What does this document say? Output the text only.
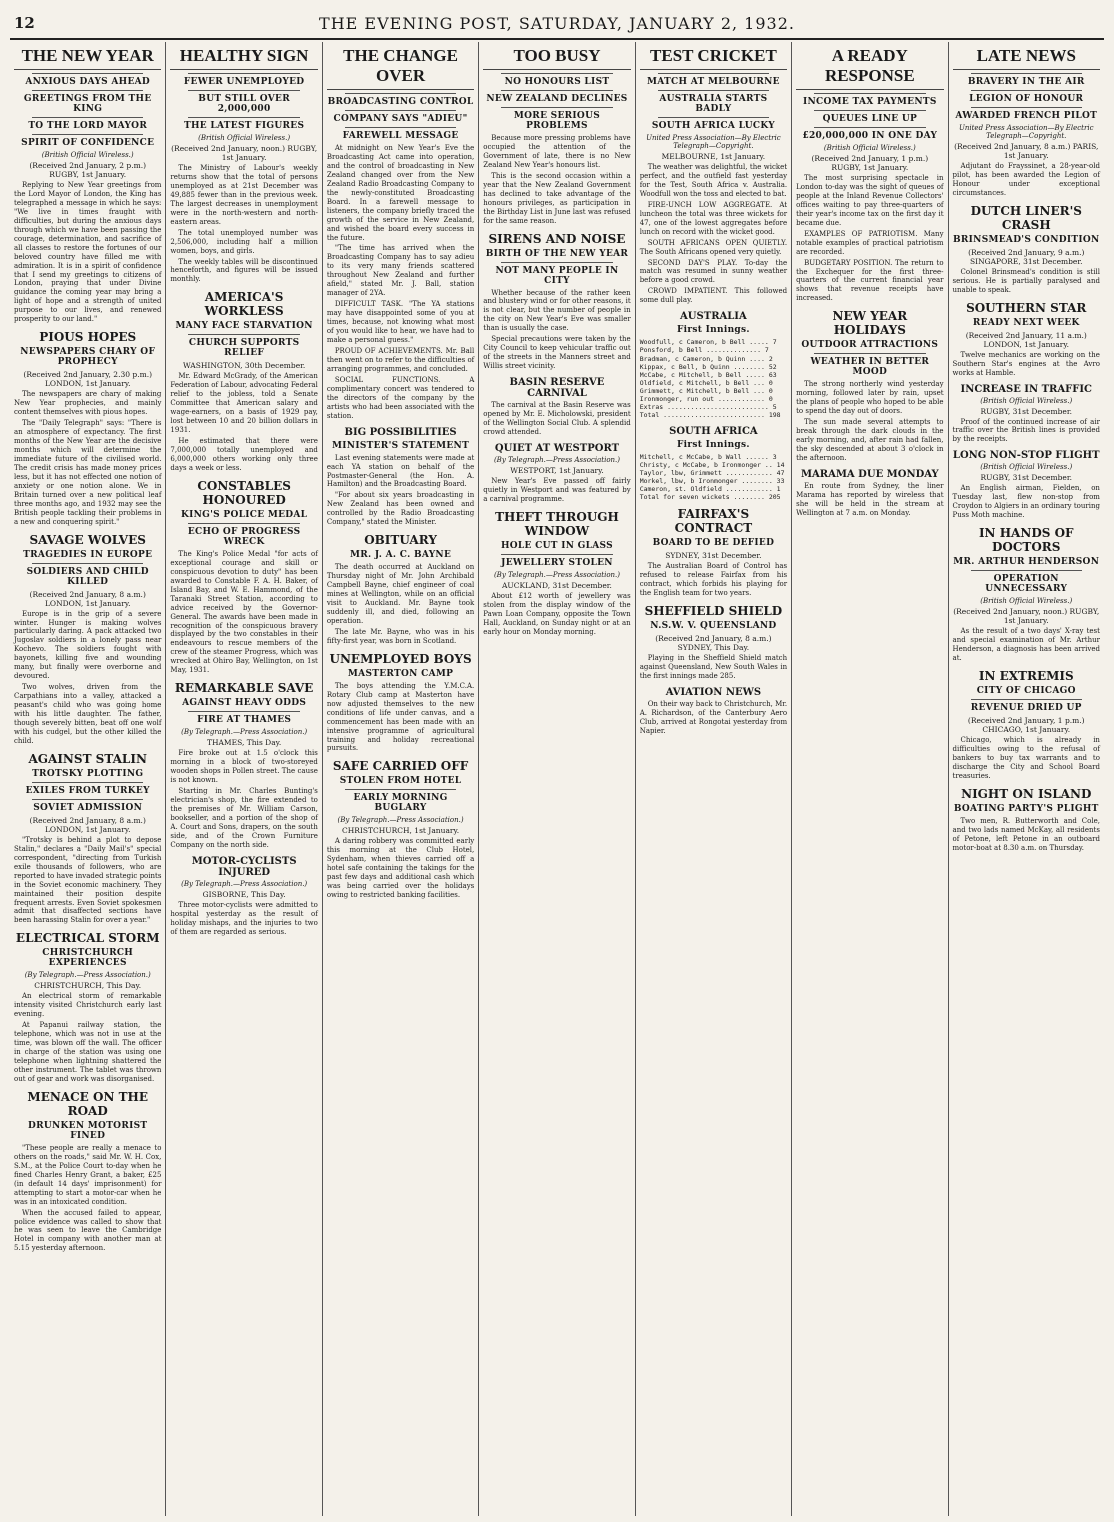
12	THE EVENING POST, SATURDAY, JANUARY 2, 1932.
THE NEW YEAR
ANXIOUS DAYS AHEAD
GREETINGS FROM THE KING
TO THE LORD MAYOR
SPIRIT OF CONFIDENCE
(British Official Wireless.)
(Received 2nd January, 2 p.m.) RUGBY, 1st January.

Replying to New Year greetings from the Lord Mayor of London, the King has telegraphed a message in which he says: "We live in times fraught with difficulties, but during the anxious days through which we have been passing the courage, determination, and sacrifice of all classes to restore the fortunes of our beloved country have filled me with admiration. It is in a spirit of confidence that I send my greetings to citizens of London, praying that under Divine guidance the coming year may bring a light of hope and a strength of united purpose to our lives, and renewed prosperity to our land."

PIOUS HOPES
NEWSPAPERS CHARY OF PROPHECY
(Received 2nd January, 2.30 p.m.) LONDON, 1st January.

The newspapers are chary of making New Year prophecies, and mainly content themselves with pious hopes.

The "Daily Telegraph" says: "There is an atmosphere of expectancy. The first months of the New Year are the decisive months which will determine the immediate future of the civilised world. The credit crisis has made money prices less, but it has not effected one notion of anxiety or one notion alone. We in Britain turned over a new political leaf three months ago, and 1932 may see the British people tackling their problems in a new and conquering spirit."

SAVAGE WOLVES
TRAGEDIES IN EUROPE
SOLDIERS AND CHILD KILLED
(Received 2nd January, 8 a.m.) LONDON, 1st January.

Europe is in the grip of a severe winter. Hunger is making wolves particularly daring. A pack attacked two Jugoslav soldiers in a lonely pass near Kochevo. The soldiers fought with bayonets, killing five and wounding many, but finally were overborne and devoured.

Two wolves, driven from the Carpathians into a valley, attacked a peasant's child who was going home with his little daughter. The father, though severely bitten, beat off one wolf with his cudgel, but the other killed the child.

AGAINST STALIN
TROTSKY PLOTTING
EXILES FROM TURKEY
SOVIET ADMISSION
(Received 2nd January, 8 a.m.) LONDON, 1st January.

"Trotsky is behind a plot to depose Stalin," declares a "Daily Mail's" special correspondent, "directing from Turkish exile thousands of followers, who are reported to have invaded strategic points in the Soviet economic machinery. They maintained their position despite frequent arrests. Even Soviet spokesmen admit that disaffected sections have been harassing Stalin for over a year."

ELECTRICAL STORM
CHRISTCHURCH EXPERIENCES
(By Telegraph.—Press Association.)
CHRISTCHURCH, This Day.

An electrical storm of remarkable intensity visited Christchurch early last evening.

At Papanui railway station, the telephone, which was not in use at the time, was blown off the wall. The officer in charge of the station was using one telephone when lightning shattered the other instrument. The tablet was thrown out of gear and work was disorganised.

MENACE ON THE ROAD
DRUNKEN MOTORIST FINED

"These people are really a menace to others on the roads," said Mr. W. H. Cox, S.M., at the Police Court to-day when he fined Charles Henry Grant, a baker, £25 (in default 14 days' imprisonment) for attempting to start a motor-car when he was in an intoxicated condition.

When the accused failed to appear, police evidence was called to show that he was seen to leave the Cambridge Hotel in company with another man at 5.15 yesterday afternoon.

HEALTHY SIGN
FEWER UNEMPLOYED
BUT STILL OVER 2,000,000
THE LATEST FIGURES
(British Official Wireless.)
(Received 2nd January, noon.) RUGBY, 1st January.

The Ministry of Labour's weekly returns show that the total of persons unemployed as at 21st December was 49,885 fewer than in the previous week. The largest decreases in unemployment were in the north-western and north-eastern areas.

The total unemployed number was 2,506,000, including half a million women, boys, and girls.

The weekly tables will be discontinued henceforth, and figures will be issued monthly.

AMERICA'S WORKLESS
MANY FACE STARVATION
CHURCH SUPPORTS RELIEF
WASHINGTON, 30th December.

Mr. Edward McGrady, of the American Federation of Labour, advocating Federal relief to the jobless, told a Senate Committee that American salary and wage-earners, on a basis of 1929 pay, lost between 10 and 20 billion dollars in 1931.

He estimated that there were 7,000,000 totally unemployed and 6,000,000 others working only three days a week or less.

CONSTABLES HONOURED
KING'S POLICE MEDAL
ECHO OF PROGRESS WRECK

The King's Police Medal "for acts of exceptional courage and skill or conspicuous devotion to duty" has been awarded to Constable F. A. H. Baker, of Island Bay, and W. E. Hammond, of the Taranaki Street Station, according to advice received by the Governor-General. The awards have been made in recognition of the conspicuous bravery displayed by the two constables in their endeavours to rescue members of the crew of the steamer Progress, which was wrecked at Ohiro Bay, Wellington, on 1st May, 1931.

REMARKABLE SAVE
AGAINST HEAVY ODDS
FIRE AT THAMES
(By Telegraph.—Press Association.)
THAMES, This Day.

Fire broke out at 1.5 o'clock this morning in a block of two-storeyed wooden shops in Pollen street. The cause is not known.

Starting in Mr. Charles Bunting's electrician's shop, the fire extended to the premises of Mr. William Carson, bookseller, and a portion of the shop of A. Court and Sons, drapers, on the south side, and of the Crown Furniture Company on the north side.

MOTOR-CYCLISTS INJURED
(By Telegraph.—Press Association.)
GISBORNE, This Day.

Three motor-cyclists were admitted to hospital yesterday as the result of holiday mishaps, and the injuries to two of them are regarded as serious.

THE CHANGE OVER
BROADCASTING CONTROL
COMPANY SAYS "ADIEU"
FAREWELL MESSAGE

At midnight on New Year's Eve the Broadcasting Act came into operation, and the control of broadcasting in New Zealand changed over from the New Zealand Radio Broadcasting Company to the newly-constituted Broadcasting Board. In a farewell message to listeners, the company briefly traced the growth of the service in New Zealand, and wished the board every success in the future.

"The time has arrived when the Broadcasting Company has to say adieu to its very many friends scattered throughout New Zealand and further afield," stated Mr. J. Ball, station manager of 2YA.

DIFFICULT TASK. "The YA stations may have disappointed some of you at times, because, not knowing what most of you would like to hear, we have had to make a personal guess."

PROUD OF ACHIEVEMENTS. Mr. Ball then went on to refer to the difficulties of arranging programmes, and concluded.

SOCIAL FUNCTIONS. A complimentary concert was tendered to the directors of the company by the artists who had been associated with the station.

BIG POSSIBILITIES
MINISTER'S STATEMENT

Last evening statements were made at each YA station on behalf of the Postmaster-General (the Hon. A. Hamilton) and the Broadcasting Board.

"For about six years broadcasting in New Zealand has been owned and controlled by the Radio Broadcasting Company," stated the Minister.

OBITUARY
MR. J. A. C. BAYNE

The death occurred at Auckland on Thursday night of Mr. John Archibald Campbell Bayne, chief engineer of coal mines at Wellington, while on an official visit to Auckland. Mr. Bayne took suddenly ill, and died, following an operation.

The late Mr. Bayne, who was in his fifty-first year, was born in Scotland.

UNEMPLOYED BOYS
MASTERTON CAMP

The boys attending the Y.M.C.A. Rotary Club camp at Masterton have now adjusted themselves to the new conditions of life under canvas, and a commencement has been made with an intensive programme of agricultural training and holiday recreational pursuits.

SAFE CARRIED OFF
STOLEN FROM HOTEL
EARLY MORNING BUGLARY
(By Telegraph.—Press Association.)
CHRISTCHURCH, 1st January.

A daring robbery was committed early this morning at the Club Hotel, Sydenham, when thieves carried off a hotel safe containing the takings for the past few days and additional cash which was being carried over the holidays owing to restricted banking facilities.

TOO BUSY
NO HONOURS LIST
NEW ZEALAND DECLINES
MORE SERIOUS PROBLEMS

Because more pressing problems have occupied the attention of the Government of late, there is no New Zealand New Year's honours list.

This is the second occasion within a year that the New Zealand Government has declined to take advantage of the honours privileges, as participation in the Birthday List in June last was refused for the same reason.

SIRENS AND NOISE
BIRTH OF THE NEW YEAR
NOT MANY PEOPLE IN CITY

Whether because of the rather keen and blustery wind or for other reasons, it is not clear, but the number of people in the city on New Year's Eve was smaller than is usually the case.

Special precautions were taken by the City Council to keep vehicular traffic out of the streets in the Manners street and Willis street vicinity.

BASIN RESERVE CARNIVAL

The carnival at the Basin Reserve was opened by Mr. E. Micholowski, president of the Wellington Social Club. A splendid crowd attended.

QUIET AT WESTPORT
(By Telegraph.—Press Association.)
WESTPORT, 1st January.

New Year's Eve passed off fairly quietly in Westport and was featured by a carnival programme.

THEFT THROUGH WINDOW
HOLE CUT IN GLASS
JEWELLERY STOLEN
(By Telegraph.—Press Association.)
AUCKLAND, 31st December.

About £12 worth of jewellery was stolen from the display window of the Pawn Loan Company, opposite the Town Hall, Auckland, on Sunday night or at an early hour on Monday morning.

TEST CRICKET
MATCH AT MELBOURNE
AUSTRALIA STARTS BADLY
SOUTH AFRICA LUCKY
United Press Association—By Electric Telegraph—Copyright.
MELBOURNE, 1st January.

The weather was delightful, the wicket perfect, and the outfield fast yesterday for the Test, South Africa v. Australia. Woodfull won the toss and elected to bat.

FIRE-UNCH LOW AGGREGATE. At luncheon the total was three wickets for 47, one of the lowest aggregates before lunch on record with the wicket good.

SOUTH AFRICANS OPEN QUIETLY. The South Africans opened very quietly.

SECOND DAY'S PLAY. To-day the match was resumed in sunny weather before a good crowd.

CROWD IMPATIENT. This followed some dull play.

AUSTRALIA
First Innings.
Woodfull, c Cameron, b Bell ..... 7
Ponsford, b Bell .............. 7
Bradman, c Cameron, b Quinn .... 2
Kippax, c Bell, b Quinn ........ 52
McCabe, c Mitchell, b Bell ..... 63
Oldfield, c Mitchell, b Bell ... 0
Grimmett, c Mitchell, b Bell ... 0
Ironmonger, run out ............ 0
Extras .......................... 5
Total .......................... 198
SOUTH AFRICA
First Innings.
Mitchell, c McCabe, b Wall ...... 3
Christy, c McCabe, b Ironmonger .. 14
Taylor, lbw, Grimmett ............ 47
Morkel, lbw, b Ironmonger ........ 33
Cameron, st. Oldfield ............ 1
Total for seven wickets ........ 205
FAIRFAX'S CONTRACT
BOARD TO BE DEFIED
SYDNEY, 31st December.

The Australian Board of Control has refused to release Fairfax from his contract, which forbids his playing for the English team for two years.

SHEFFIELD SHIELD
N.S.W. V. QUEENSLAND
(Received 2nd January, 8 a.m.) SYDNEY, This Day.

Playing in the Sheffield Shield match against Queensland, New South Wales in the first innings made 285.

AVIATION NEWS

On their way back to Christchurch, Mr. A. Richardson, of the Canterbury Aero Club, arrived at Rongotai yesterday from Napier.

A READY RESPONSE
INCOME TAX PAYMENTS
QUEUES LINE UP
£20,000,000 IN ONE DAY
(British Official Wireless.)
(Received 2nd January, 1 p.m.) RUGBY, 1st January.

The most surprising spectacle in London to-day was the sight of queues of people at the Inland Revenue Collectors' offices waiting to pay three-quarters of their year's income tax on the first day it became due.

EXAMPLES OF PATRIOTISM. Many notable examples of practical patriotism are recorded.

BUDGETARY POSITION. The return to the Exchequer for the first three-quarters of the current financial year shows that revenue receipts have increased.

NEW YEAR HOLIDAYS
OUTDOOR ATTRACTIONS
WEATHER IN BETTER MOOD

The strong northerly wind yesterday morning, followed later by rain, upset the plans of people who hoped to be able to spend the day out of doors.

The sun made several attempts to break through the dark clouds in the early morning, and, after rain had fallen, the sky descended at about 3 o'clock in the afternoon.

MARAMA DUE MONDAY

En route from Sydney, the liner Marama has reported by wireless that she will be held in the stream at Wellington at 7 a.m. on Monday.

LATE NEWS
BRAVERY IN THE AIR
LEGION OF HONOUR
AWARDED FRENCH PILOT
United Press Association—By Electric Telegraph—Copyright.
(Received 2nd January, 8 a.m.) PARIS, 1st January.

Adjutant do Frayssinet, a 28-year-old pilot, has been awarded the Legion of Honour under exceptional circumstances.

DUTCH LINER'S CRASH
BRINSMEAD'S CONDITION
(Received 2nd January, 9 a.m.) SINGAPORE, 31st December.

Colonel Brinsmead's condition is still serious. He is partially paralysed and unable to speak.

SOUTHERN STAR
READY NEXT WEEK
(Received 2nd January, 11 a.m.) LONDON, 1st January.

Twelve mechanics are working on the Southern Star's engines at the Avro works at Hamble.

INCREASE IN TRAFFIC
(British Official Wireless.)
RUGBY, 31st December.

Proof of the continued increase of air traffic over the British lines is provided by the receipts.

LONG NON-STOP FLIGHT
(British Official Wireless.)
RUGBY, 31st December.

An English airman, Fielden, on Tuesday last, flew non-stop from Croydon to Algiers in an ordinary touring Puss Moth machine.

IN HANDS OF DOCTORS
MR. ARTHUR HENDERSON
OPERATION UNNECESSARY
(British Official Wireless.)
(Received 2nd January, noon.) RUGBY, 1st January.

As the result of a two days' X-ray test and special examination of Mr. Arthur Henderson, a diagnosis has been arrived at.

IN EXTREMIS
CITY OF CHICAGO
REVENUE DRIED UP
(Received 2nd January, 1 p.m.) CHICAGO, 1st January.

Chicago, which is already in difficulties owing to the refusal of bankers to buy tax warrants and to discharge the City and School Board treasuries.

NIGHT ON ISLAND
BOATING PARTY'S PLIGHT

Two men, R. Butterworth and Cole, and two lads named McKay, all residents of Petone, left Petone in an outboard motor-boat at 8.30 a.m. on Thursday.
